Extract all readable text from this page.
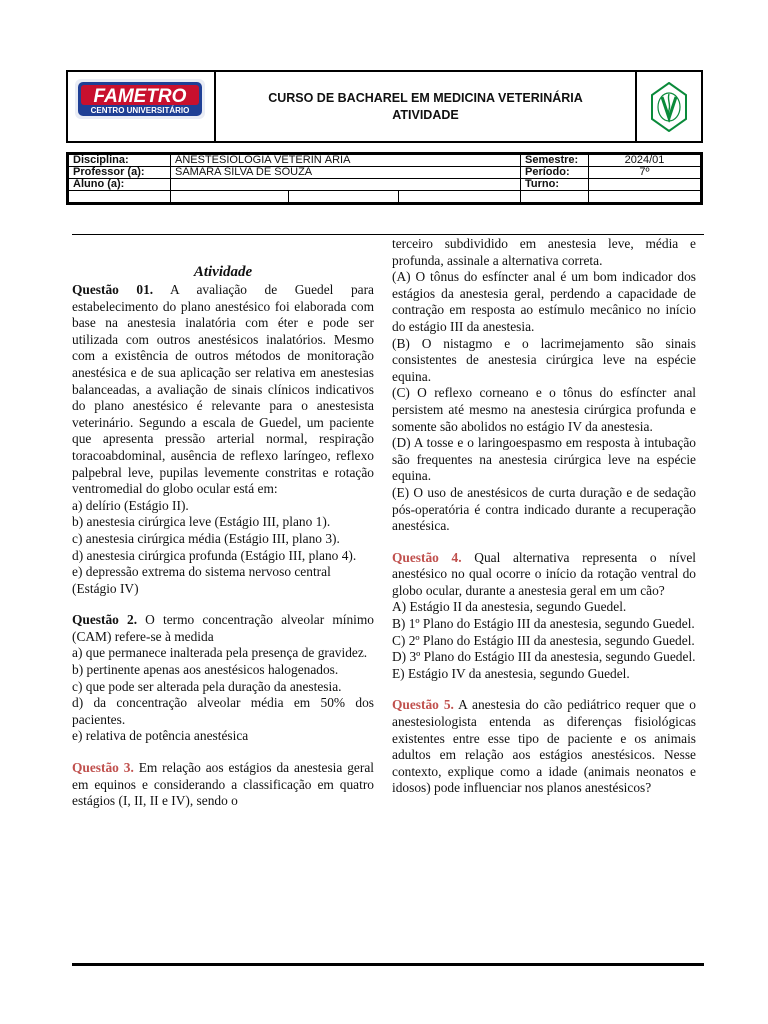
FAMETRO
CENTRO UNIVERSITÁRIO
CURSO DE BACHAREL EM MEDICINA VETERINÁRIA
ATIVIDADE
Disciplina:	ANESTESIOLOGIA VETERIN ÁRIA			Semestre:	2024/01
Professor (a):	SAMARA SILVA DE SOUZA			Período:	7º
Aluno (a):				Turno:	

Atividade

Questão 01. A avaliação de Guedel para estabelecimento do plano anestésico foi elaborada com base na anestesia inalatória com éter e pode ser utilizada com outros anestésicos inalatórios. Mesmo com a existência de outros métodos de monitoração anestésica e de sua aplicação ser relativa em anestesias balanceadas, a avaliação de sinais clínicos indicativos do plano anestésico é relevante para o anestesista veterinário. Segundo a escala de Guedel, um paciente que apresenta pressão arterial normal, respiração toracoabdominal, ausência de reflexo laríngeo, reflexo palpebral leve, pupilas levemente constritas e rotação ventromedial do globo ocular está em:

a) delírio (Estágio II).

b) anestesia cirúrgica leve (Estágio III, plano 1).

c) anestesia cirúrgica média (Estágio III, plano 3).

d) anestesia cirúrgica profunda (Estágio III, plano 4).

e) depressão extrema do sistema nervoso central (Estágio IV)

Questão 2. O termo concentração alveolar mínimo (CAM) refere-se à medida

a) que permanece inalterada pela presença de gravidez.

b) pertinente apenas aos anestésicos halogenados.

c) que pode ser alterada pela duração da anestesia.

d) da concentração alveolar média em 50% dos pacientes.

e) relativa de potência anestésica

Questão 3. Em relação aos estágios da anestesia geral em equinos e considerando a classificação em quatro estágios (I, II, II e IV), sendo o

terceiro subdividido em anestesia leve, média e profunda, assinale a alternativa correta.

(A) O tônus do esfíncter anal é um bom indicador dos estágios da anestesia geral, perdendo a capacidade de contração em resposta ao estímulo mecânico no início do estágio III da anestesia.

(B) O nistagmo e o lacrimejamento são sinais consistentes de anestesia cirúrgica leve na espécie equina.

(C) O reflexo corneano e o tônus do esfíncter anal persistem até mesmo na anestesia cirúrgica profunda e somente são abolidos no estágio IV da anestesia.

(D) A tosse e o laringoespasmo em resposta à intubação são frequentes na anestesia cirúrgica leve na espécie equina.

(E) O uso de anestésicos de curta duração e de sedação pós-operatória é contra indicado durante a recuperação anestésica.

Questão 4. Qual alternativa representa o nível anestésico no qual ocorre o início da rotação ventral do globo ocular, durante a anestesia geral em um cão?

A) Estágio II da anestesia, segundo Guedel.

B) 1º Plano do Estágio III da anestesia, segundo Guedel.

C) 2º Plano do Estágio III da anestesia, segundo Guedel.

D) 3º Plano do Estágio III da anestesia, segundo Guedel.

E) Estágio IV da anestesia, segundo Guedel.

Questão 5. A anestesia do cão pediátrico requer que o anestesiologista entenda as diferenças fisiológicas existentes entre esse tipo de paciente e os animais adultos em relação aos estágios anestésicos. Nesse contexto, explique como a idade (animais neonatos e idosos) pode influenciar nos planos anestésicos?
